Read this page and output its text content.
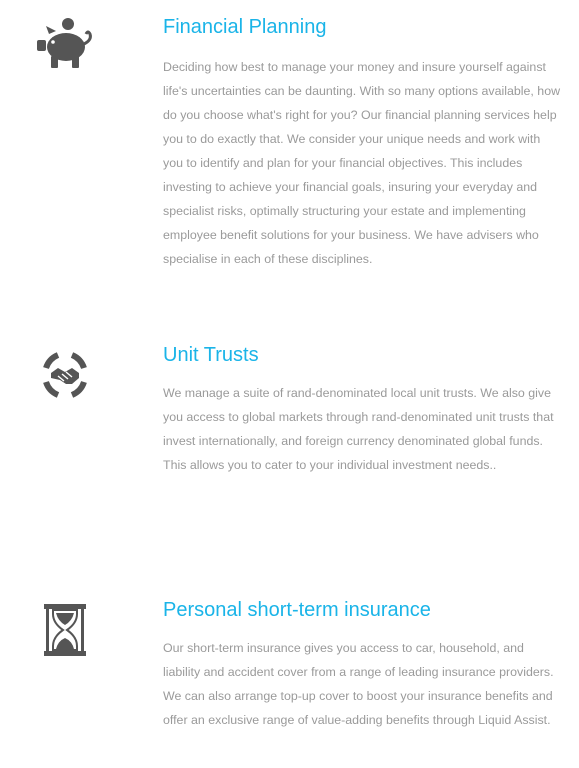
Financial Planning

Deciding how best to manage your money and insure yourself against life's uncertainties can be daunting. With so many options available, how do you choose what's right for you? Our financial planning services help you to do exactly that. We consider your unique needs and work with you to identify and plan for your financial objectives. This includes investing to achieve your financial goals, insuring your everyday and specialist risks, optimally structuring your estate and implementing employee benefit solutions for your business. We have advisers who specialise in each of these disciplines.

Unit Trusts

We manage a suite of rand-denominated local unit trusts. We also give you access to global markets through rand-denominated unit trusts that invest internationally, and foreign currency denominated global funds. This allows you to cater to your individual investment needs..

Personal short-term insurance

Our short-term insurance gives you access to car, household, and liability and accident cover from a range of leading insurance providers. We can also arrange top-up cover to boost your insurance benefits and offer an exclusive range of value-adding benefits through Liquid Assist.
